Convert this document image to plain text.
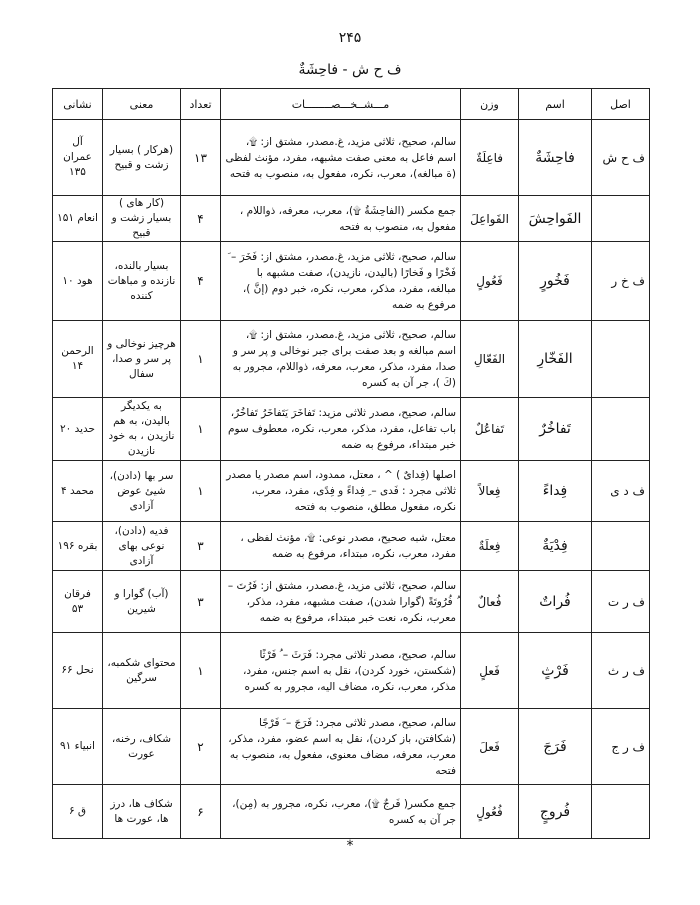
۲۴۵
ف ح ش - فاحِشَةٌ
اصل	اسم	وزن	مـــشــخـــصــــــــات	تعداد	معنی	نشانی
ف ح ش	فاحِشَةٌ	فاعِلَةٌ	سالم، صحیح، ثلاثی مزید، غ.مصدر، مشتق از: ۩، اسم فاعل به معنی صفت مشبهه، مفرد، مؤنث لفظی (ة مبالغه)، معرب، نکره، مفعول به، منصوب به فتحه	۱۳	(هرکار ) بسیار زشت و قبیح	آل عمران ۱۳۵
	الفَواحِشَ	الفَواعِلَ	جمع مکسر (الفاحِشَةُ ۩)، معرب، معرفه، ذواللام ، مفعول به، منصوب به فتحه	۴	(کار های ) بسیار زشت و قبیح	انعام ۱۵۱
ف خ ر	فَخُورٍ	فَعُولٍ	سالم، صحیح، ثلاثی مزید، غ.مصدر، مشتق از: فَخَرَ – َ فَخْرًا و فَخارًا (بالیدن، نازیدن)، صفت مشبهه با مبالغه، مفرد، مذکر، معرب، نکره، خبر دوم (إنَّ )، مرفوع به ضمه	۴	بسیار بالنده، نازنده و مباهات کننده	هود ۱۰
	الفَخّارِ	الفَعّالِ	سالم، صحیح، ثلاثی مزید، غ.مصدر، مشتق از: ۩، اسم مبالغه و بعد صفت برای جبر نوخالی و پر سر و صدا، مفرد، مذکر، معرب، معرفه، ذواللام، مجرور به (كَ )، جر آن به کسره	۱	هرچیز نوخالی و پر سر و صدا، سفال	الرحمن ۱۴
	تَفاخُرٌ	تَفاعُلٌ	سالم، صحیح، مصدر ثلاثی مزید: تَفاخَرَ يَتَفاخَرُ تَفاخُرٌ، باب تفاعل، مفرد، مذکر، معرب، نکره، معطوف سوم خبر مبتداء، مرفوع به ضمه	۱	به یکدیگر بالیدن، به هم نازیدن ، به خود نازیدن	حدید ۲۰
ف د ی	فِداءً	فِعالاً	اصلها (فِدایٌ ) ^ ، معتل، ممدود، اسم مصدر یا مصدر ثلاثی مجرد : فَدى – ِ فِداءً و فِدًى، مفرد، معرب، نکره، مفعول مطلق، منصوب به فتحه	۱	سر بها (دادن)، شیئ عوض آزادی	محمد ۴
	فِدْيَةٌ	فِعلَةٌ	معتل، شبه صحیح، مصدر نوعی: ۩، مؤنث لفظی ، مفرد، معرب، نکره، مبتداء، مرفوع به ضمه	۳	فدیه (دادن)، نوعی بهای آزادی	بقره ۱۹۶
ف ر ت	فُراتٌ	فُعالٌ	سالم، صحیح، ثلاثی مزید، غ.مصدر، مشتق از: فَرُتَ – ُ فُرُوتَةً (گوارا شدن)، صفت مشبهه، مفرد، مذکر، معرب، نکره، نعت خبر مبتداء، مرفوع به ضمه	۳	(آب) گوارا و شیرین	فرقان ۵۳
ف ر ث	فَرْثٍ	فَعلٍ	سالم، صحیح، مصدر ثلاثی مجرد: فَرَثَ – ُ فَرْثًا (شکستن، خورد کردن)، نقل به اسم جنس، مفرد، مذکر، معرب، نکره، مضاف الیه، مجرور به کسره	۱	محتوای شکمبه، سرگین	نحل ۶۶
ف ر ج	فَرَجَ	فَعلَ	سالم، صحیح، مصدر ثلاثی مجرد: فَرَجَ – َ فَرْجًا (شکافتن، باز کردن)، نقل به اسم عضو، مفرد، مذکر، معرب، معرفه، مضاف معنوی، مفعول به، منصوب به فتحه	۲	شکاف، رخنه، عورت	انبیاء ۹۱
	فُروجٍ	فُعُولٍ	جمع مکسر( فَرجٌ ۩)، معرب، نکره، مجرور به (مِن)، جر آن به کسره	۶	شکاف ها، درز ها، عورت ها	ق ۶
*
